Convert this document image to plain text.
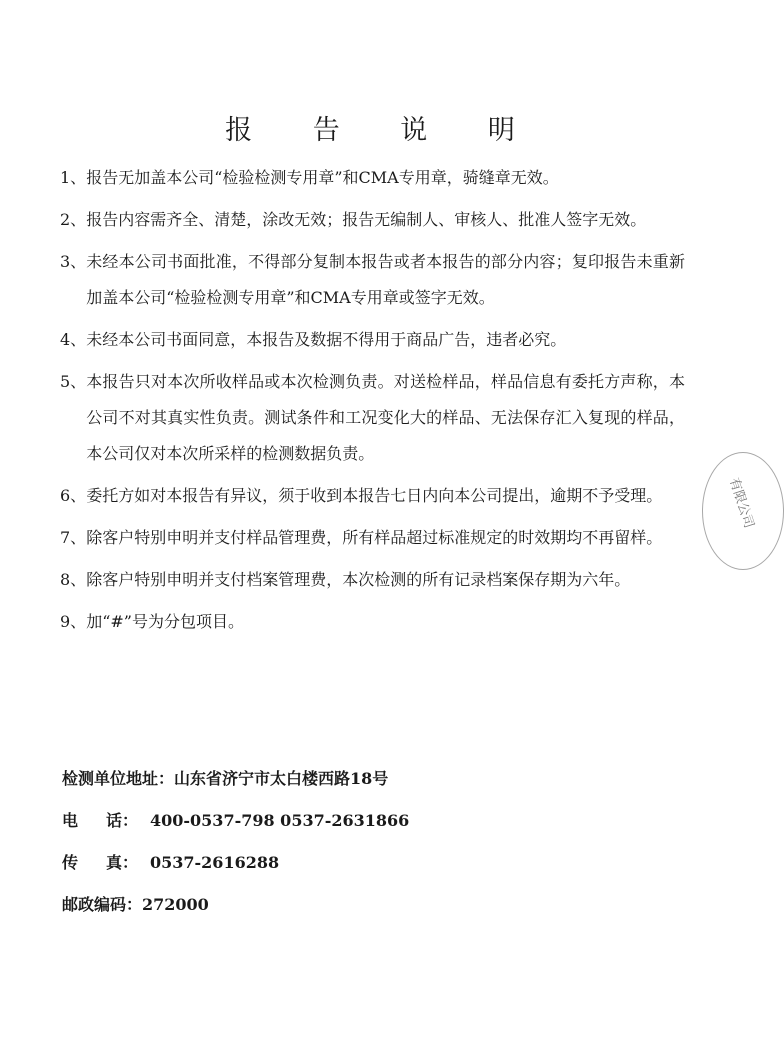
报 告 说 明
1、 报告无加盖本公司“检验检测专用章”和CMA专用章，骑缝章无效。
2、 报告内容需齐全、清楚，涂改无效；报告无编制人、审核人、批准人签字无效。
3、 未经本公司书面批准，不得部分复制本报告或者本报告的部分内容；复印报告未重新加盖本公司“检验检测专用章”和CMA专用章或签字无效。
4、 未经本公司书面同意，本报告及数据不得用于商品广告，违者必究。
5、 本报告只对本次所收样品或本次检测负责。对送检样品，样品信息有委托方声称，本公司不对其真实性负责。测试条件和工况变化大的样品、无法保存汇入复现的样品，本公司仅对本次所采样的检测数据负责。
6、 委托方如对本报告有异议，须于收到本报告七日内向本公司提出，逾期不予受理。
7、 除客户特别申明并支付样品管理费，所有样品超过标准规定的时效期均不再留样。
8、 除客户特别申明并支付档案管理费，本次检测的所有记录档案保存期为六年。
9、 加“#”号为分包项目。
检测单位地址：山东省济宁市太白楼西路18号
电 话： 400-0537-798 0537-2631866
传 真： 0537-2616288
邮政编码：272000
有限公司
